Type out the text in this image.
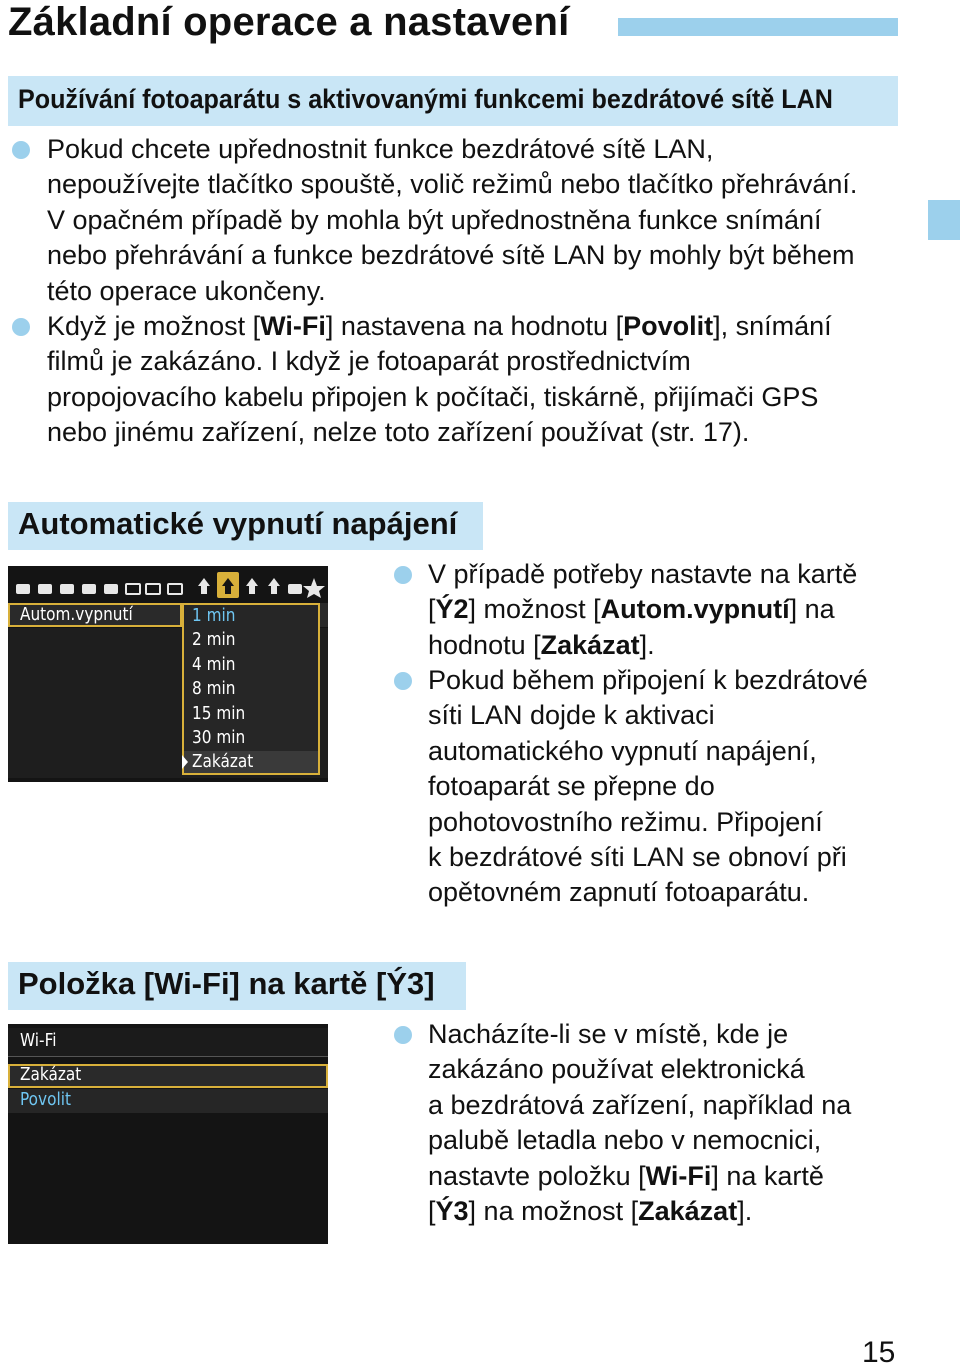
Základní operace a nastavení
Používání fotoaparátu s aktivovanými funkcemi bezdrátové sítě LAN
Pokud chcete upřednostnit funkce bezdrátové sítě LAN,
nepoužívejte tlačítko spouště, volič režimů nebo tlačítko přehrávání.
V opačném případě by mohla být upřednostněna funkce snímání
nebo přehrávání a funkce bezdrátové sítě LAN by mohly být během
této operace ukončeny.
Když je možnost [Wi-Fi] nastavena na hodnotu [Povolit], snímání
filmů je zakázáno. I když je fotoaparát prostřednictvím
propojovacího kabelu připojen k počítači, tiskárně, přijímači GPS
nebo jinému zařízení, nelze toto zařízení používat (str. 17).
Automatické vypnutí napájení
Autom.vypnutí	1 min
2 min
4 min
8 min
15 min
30 min
Zakázat
V případě potřeby nastavte na kartě
[Ý2] možnost [Autom.vypnutí] na
hodnotu [Zakázat].
Pokud během připojení k bezdrátové
síti LAN dojde k aktivaci
automatického vypnutí napájení,
fotoaparát se přepne do
pohotovostního režimu. Připojení
k bezdrátové síti LAN se obnoví při
opětovném zapnutí fotoaparátu.
Položka [Wi-Fi] na kartě [Ý3]
Wi-Fi
Zakázat
Povolit
Nacházíte-li se v místě, kde je
zakázáno používat elektronická
a bezdrátová zařízení, například na
palubě letadla nebo v nemocnici,
nastavte položku [Wi-Fi] na kartě
[Ý3] na možnost [Zakázat].
15
